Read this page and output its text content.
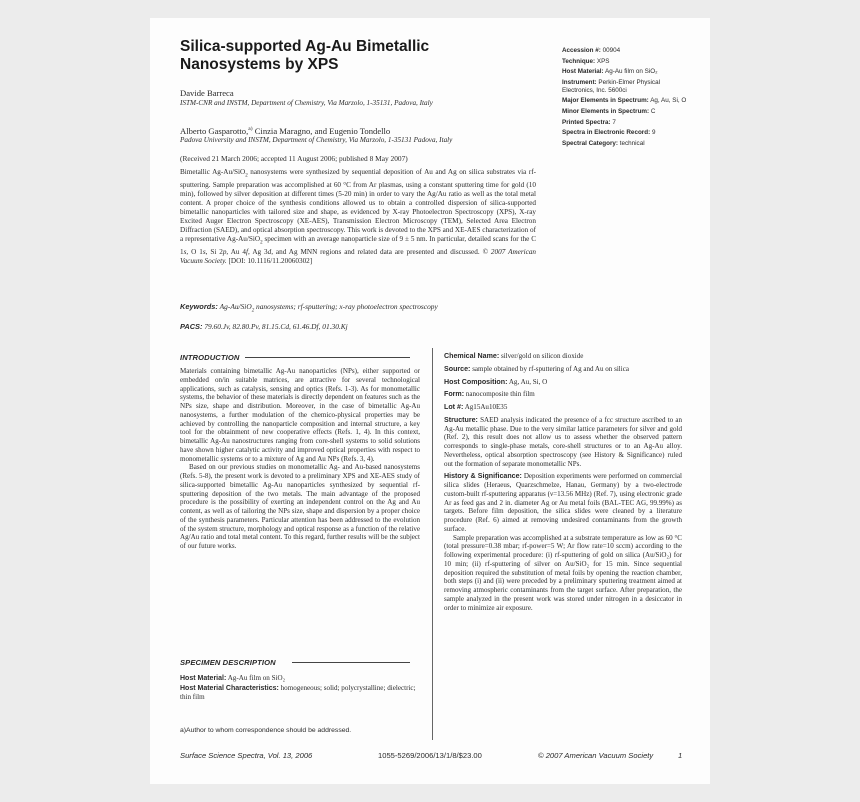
Silica-supported Ag-Au Bimetallic
Nanosystems by XPS
Davide Barreca
ISTM-CNR and INSTM, Department of Chemistry, Via Marzolo, 1-35131, Padova, Italy
Alberto Gasparotto,$^{a)}$ Cinzia Maragno, and Eugenio Tondello
Padova University and INSTM, Department of Chemistry, Via Marzolo, 1-35131 Padova, Italy
(Received 21 March 2006; accepted 11 August 2006; published 8 May 2007)
Bimetallic Ag-Au/SiO$_2$ nanosystems were synthesized by sequential deposition of Au and Ag on silica substrates via rf-sputtering. Sample preparation was accomplished at 60 °C from Ar plasmas, using a constant sputtering time for gold (10 min), followed by silver deposition at different times (5-20 min) in order to vary the Ag/Au ratio as well as the total metal content. A proper choice of the synthesis conditions allowed us to obtain a controlled dispersion of silica-supported bimetallic nanoparticles with tailored size and shape, as evidenced by X-ray Photoelectron Spectroscopy (XPS), X-ray Excited Auger Electron Spectroscopy (XE-AES), Transmission Electron Microscopy (TEM), Selected Area Electron Diffraction (SAED), and optical absorption spectroscopy. This work is devoted to the XPS and XE-AES characterization of a representative Ag-Au/SiO$_2$ specimen with an average nanoparticle size of 9 ± 5 nm. In particular, detailed scans for the C 1s, O 1s, Si 2p, Au 4f, Ag 3d, and Ag MNN regions and related data are presented and discussed. © 2007 American Vacuum Society. [DOI: 10.1116/11.20060302]
Keywords: Ag-Au/SiO$_2$ nanosystems; rf-sputtering; x-ray photoelectron spectroscopy
PACS: 79.60.Jv, 82.80.Pv, 81.15.Cd, 61.46.Df, 01.30.Kj
Accession #: 00904
Technique: XPS
Host Material: Ag-Au film on SiO₂
Instrument: Perkin-Elmer Physical Electronics, Inc. 5600ci
Major Elements in Spectrum: Ag, Au, Si, O
Minor Elements in Spectrum: C
Printed Spectra: 7
Spectra in Electronic Record: 9
Spectral Category: technical
INTRODUCTION

Materials containing bimetallic Ag-Au nanoparticles (NPs), either supported or embedded on/in suitable matrices, are attractive for several technological applications, such as catalysis, sensing and optics (Refs. 1-3). As for monometallic systems, the behavior of these materials is directly dependent on features such as the NPs size, shape and distribution. Moreover, in the case of bimetallic Ag-Au nanosystems, a further modulation of the chemico-physical properties may be achieved by controlling the nanoparticle composition and internal structure, a key tool for the obtainment of new cooperative effects (Refs. 1, 4). In this context, bimetallic Ag-Au nanostructures ranging from core-shell systems to solid solutions have shown higher catalytic activity and improved optical properties with respect to monometallic systems or to a mixture of Ag and Au NPs (Refs. 3, 4).

Based on our previous studies on monometallic Ag- and Au-based nanosystems (Refs. 5-8), the present work is devoted to a preliminary XPS and XE-AES study of silica-supported bimetallic Ag-Au nanoparticles synthesized by sequential rf-sputtering deposition of the two metals. The main advantage of the proposed procedure is the possibility of exerting an independent control on the Ag and Au content, as well as of tailoring the NPs size, shape and dispersion by a proper choice of the synthesis parameters. Particular attention has been addressed to the evolution of the system structure, morphology and optical response as a function of the relative Ag/Au ratio and total metal content. To this regard, further results will be the subject of our future works.

SPECIMEN DESCRIPTION
Host Material: Ag-Au film on SiO₂
Host Material Characteristics: homogeneous; solid; polycrystalline; dielectric; thin film
a)Author to whom correspondence should be addressed.
Chemical Name: silver/gold on silicon dioxide
Source: sample obtained by rf-sputtering of Ag and Au on silica
Host Composition: Ag, Au, Si, O
Form: nanocomposite thin film
Lot #: Ag15Au10E35
Structure: SAED analysis indicated the presence of a fcc structure ascribed to an Ag-Au metallic phase. Due to the very similar lattice parameters for silver and gold (Ref. 2), this result does not allow us to assess whether the observed pattern corresponds to single-phase metals, core-shell structures or to an Ag-Au alloy. Nevertheless, optical absorption spectroscopy (see History & Significance) ruled out the formation of separate monometallic NPs.

History & Significance: Deposition experiments were performed on commercial silica slides (Heraeus, Quarzschmelze, Hanau, Germany) by a two-electrode custom-built rf-sputtering apparatus (ν=13.56 MHz) (Ref. 7), using electronic grade Ar as feed gas and 2 in. diameter Ag or Au metal foils (BAL-TEC AG, 99.99%) as targets. Before film deposition, the silica slides were cleaned by a literature procedure (Ref. 6) aimed at removing undesired contaminants from the growth surface.

Sample preparation was accomplished at a substrate temperature as low as 60 °C (total pressure=0.38 mbar; rf-power=5 W; Ar flow rate=10 sccm) according to the following experimental procedure: (i) rf-sputtering of gold on silica (Au/SiO₂) for 10 min; (ii) rf-sputtering of silver on Au/SiO₂ for 15 min. Since sequential deposition required the substitution of metal foils by opening the reaction chamber, both steps (i) and (ii) were preceded by a preliminary sputtering treatment aimed at removing atmospheric contaminants from the target surface. After preparation, the sample analyzed in the present work was stored under nitrogen in a desiccator in order to minimize air exposure.

Surface Science Spectra, Vol. 13, 2006	1055-5269/2006/13/1/8/$23.00	© 2007 American Vacuum Society	1
